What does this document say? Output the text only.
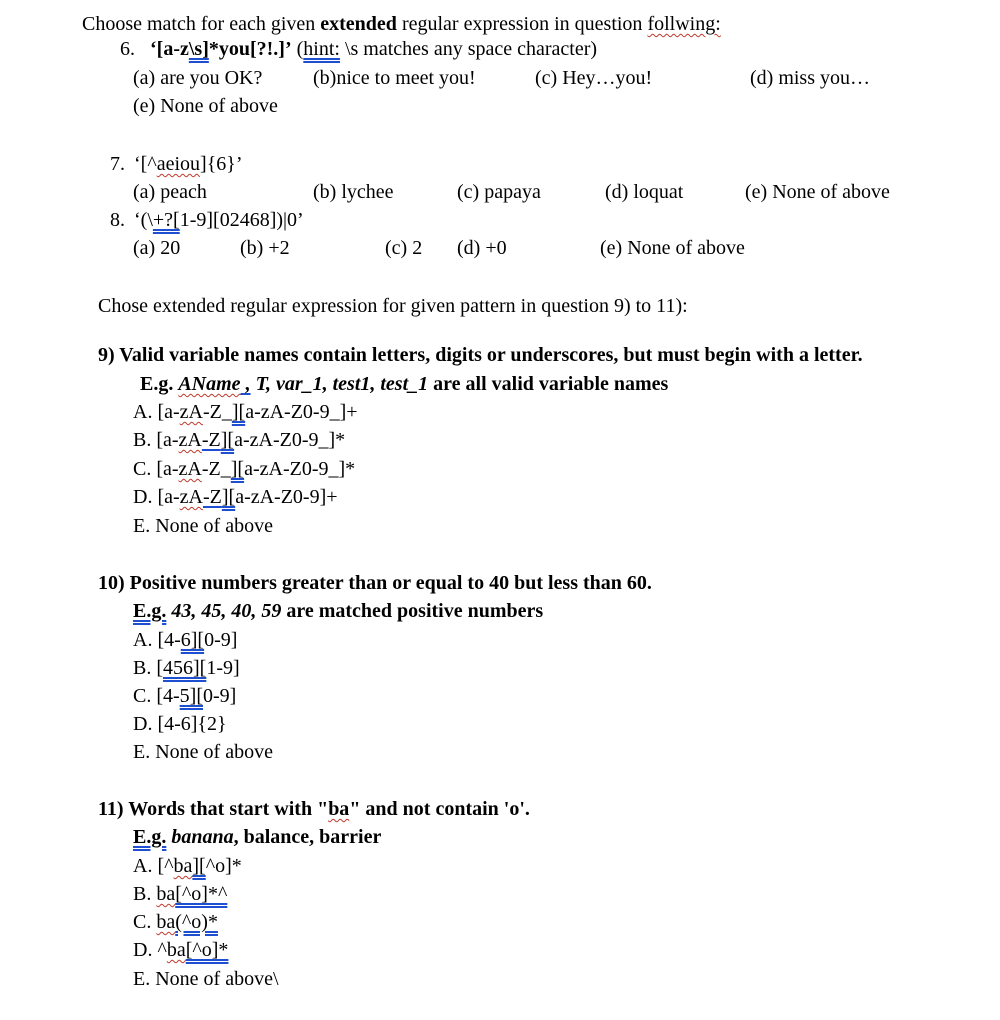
Choose match for each given extended regular expression in question follwing:
6. ‘[a-z\s]*you[?!.]’ (hint: \s matches any space character)
(a) are you OK?	(b)nice to meet you!	(c) Hey…you!	(d) miss you…
(e) None of above
7. ‘[^aeiou]{6}’
(a) peach	(b) lychee	(c) papaya	(d) loquat	(e) None of above
8. ‘(\+?[1-9][02468])|0’
(a) 20	(b) +2	(c) 2 (d) +0	(e) None of above
Chose extended regular expression for given pattern in question 9) to 11):
9) Valid variable names contain letters, digits or underscores, but must begin with a letter.
E.g. AName , T, var_1, test1, test_1 are all valid variable names
A. [a-zA-Z_][a-zA-Z0-9_]+
B. [a-zA-Z][a-zA-Z0-9_]*
C. [a-zA-Z_][a-zA-Z0-9_]*
D. [a-zA-Z][a-zA-Z0-9]+
E. None of above
10) Positive numbers greater than or equal to 40 but less than 60.
E.g. 43, 45, 40, 59 are matched positive numbers
A. [4-6][0-9]
B. [456][1-9]
C. [4-5][0-9]
D. [4-6]{2}
E. None of above
11) Words that start with "ba" and not contain 'o'.
E.g. banana, balance, barrier
A. [^ba][^o]*
B. ba[^o]*^
C. ba(^o)*
D. ^ba[^o]*
E. None of above\
